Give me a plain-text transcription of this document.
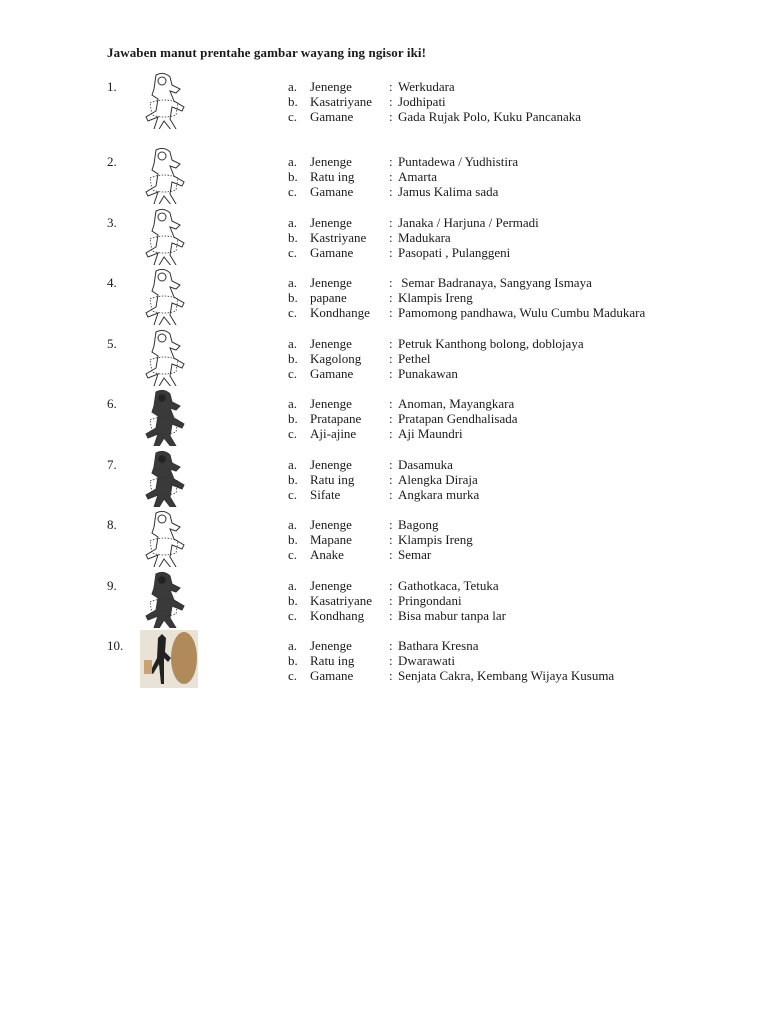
Jawaben manut prentahe gambar wayang ing ngisor iki!
1.	a. Jenenge	: Werkudara
b. Kasatriyane : Jodhipati
c. Gamane	: Gada Rujak Polo, Kuku Pancanaka
2.	a. Jenenge	: Puntadewa / Yudhistira
b. Ratu ing	: Amarta
c. Gamane	: Jamus Kalima sada
3.	a. Jenenge	: Janaka / Harjuna / Permadi
b. Kastriyane : Madukara
c. Gamane	: Pasopati , Pulanggeni
4.	a. Jenenge	: Semar Badranaya, Sangyang Ismaya
b. papane	: Klampis Ireng
c. Kondhange : Pamomong pandhawa, Wulu Cumbu Madukara
5.	a. Jenenge	: Petruk Kanthong bolong, doblojaya
b. Kagolong : Pethel
c. Gamane	: Punakawan
6.	a. Jenenge	: Anoman, Mayangkara
b. Pratapane : Pratapan Gendhalisada
c. Aji-ajine	: Aji Maundri
7.	a. Jenenge	: Dasamuka
b. Ratu ing	: Alengka Diraja
c. Sifate	: Angkara murka
8.	a. Jenenge	: Bagong
b. Mapane	: Klampis Ireng
c. Anake	: Semar
9.	a. Jenenge	: Gathotkaca, Tetuka
b. Kasatriyane : Pringondani
c. Kondhang : Bisa mabur tanpa lar
10.	a. Jenenge	: Bathara Kresna
b. Ratu ing	: Dwarawati
c. Gamane	: Senjata Cakra, Kembang Wijaya Kusuma
